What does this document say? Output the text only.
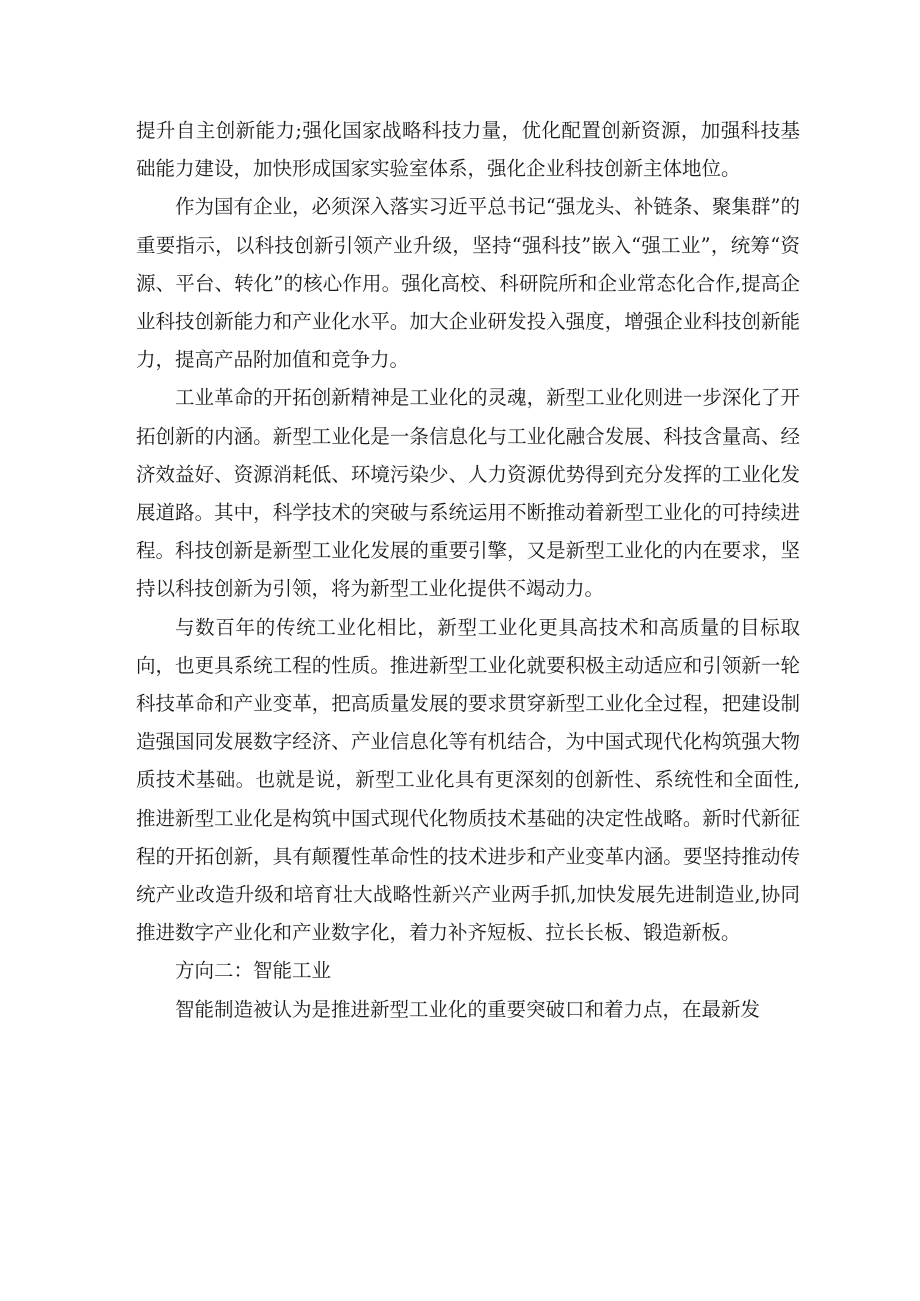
提升自主创新能力;强化国家战略科技力量，优化配置创新资源，加强科技基础能力建设，加快形成国家实验室体系，强化企业科技创新主体地位。

作为国有企业，必须深入落实习近平总书记“强龙头、补链条、聚集群”的重要指示，以科技创新引领产业升级，坚持“强科技”嵌入“强工业”，统筹“资源、平台、转化”的核心作用。强化高校、科研院所和企业常态化合作,提高企业科技创新能力和产业化水平。加大企业研发投入强度，增强企业科技创新能力，提高产品附加值和竞争力。

工业革命的开拓创新精神是工业化的灵魂，新型工业化则进一步深化了开拓创新的内涵。新型工业化是一条信息化与工业化融合发展、科技含量高、经济效益好、资源消耗低、环境污染少、人力资源优势得到充分发挥的工业化发展道路。其中，科学技术的突破与系统运用不断推动着新型工业化的可持续进程。科技创新是新型工业化发展的重要引擎，又是新型工业化的内在要求，坚持以科技创新为引领，将为新型工业化提供不竭动力。

与数百年的传统工业化相比，新型工业化更具高技术和高质量的目标取向，也更具系统工程的性质。推进新型工业化就要积极主动适应和引领新一轮科技革命和产业变革，把高质量发展的要求贯穿新型工业化全过程，把建设制造强国同发展数字经济、产业信息化等有机结合，为中国式现代化构筑强大物质技术基础。也就是说，新型工业化具有更深刻的创新性、系统性和全面性,推进新型工业化是构筑中国式现代化物质技术基础的决定性战略。新时代新征程的开拓创新，具有颠覆性革命性的技术进步和产业变革内涵。要坚持推动传统产业改造升级和培育壮大战略性新兴产业两手抓,加快发展先进制造业,协同推进数字产业化和产业数字化，着力补齐短板、拉长长板、锻造新板。

方向二：智能工业

智能制造被认为是推进新型工业化的重要突破口和着力点，在最新发
